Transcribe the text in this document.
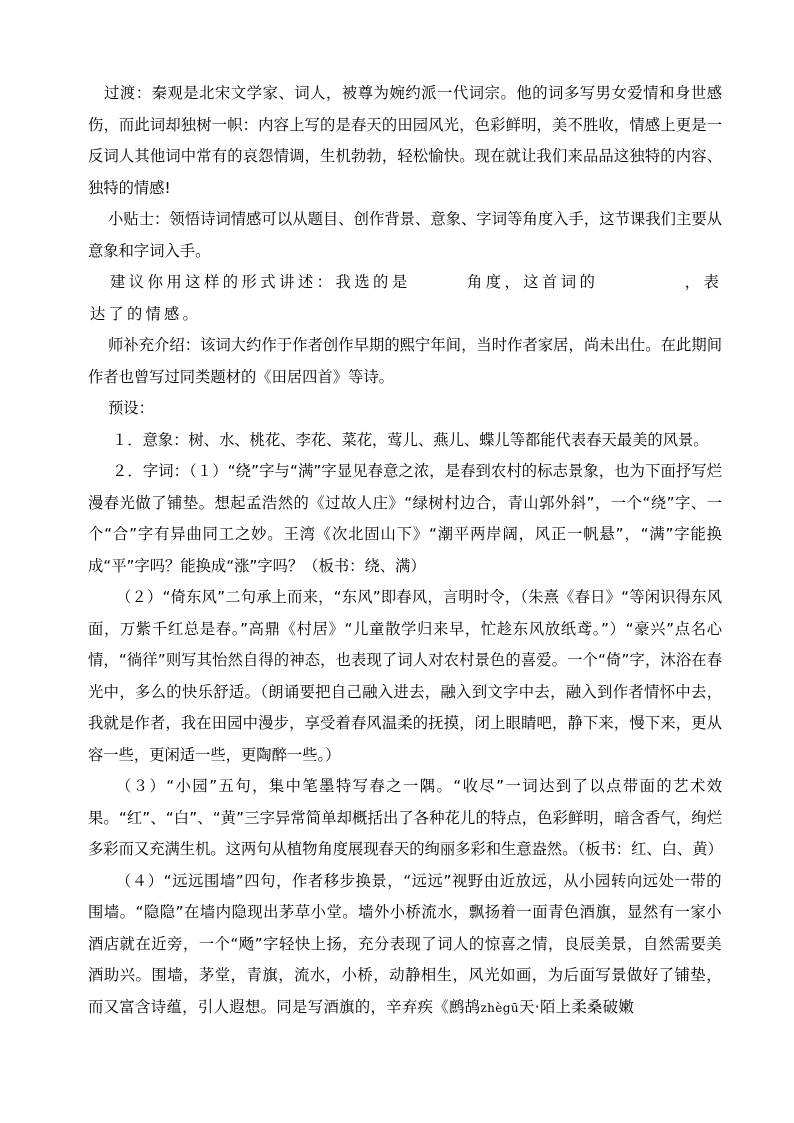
过渡：秦观是北宋文学家、词人，被尊为婉约派一代词宗。他的词多写男女爱情和身世感伤，而此词却独树一帜：内容上写的是春天的田园风光，色彩鲜明，美不胜收，情感上更是一反词人其他词中常有的哀怨情调，生机勃勃，轻松愉快。现在就让我们来品品这独特的内容、独特的情感!

小贴士：领悟诗词情感可以从题目、创作背景、意象、字词等角度入手，这节课我们主要从意象和字词入手。

建议你用这样的形式讲述：我选的是	角度，这首词的	，表达了的情感。

师补充介绍：该词大约作于作者创作早期的熙宁年间，当时作者家居，尚未出仕。在此期间作者也曾写过同类题材的《田居四首》等诗。

预设：

１．意象：树、水、桃花、李花、菜花，莺儿、燕儿、蝶儿等都能代表春天最美的风景。

２．字词：（１）“绕”字与“满”字显见春意之浓，是春到农村的标志景象，也为下面抒写烂漫春光做了铺垫。想起孟浩然的《过故人庄》“绿树村边合，青山郭外斜”，一个“绕”字、一个“合”字有异曲同工之妙。王湾《次北固山下》“潮平两岸阔，风正一帆悬”，“满”字能换成“平”字吗？能换成“涨”字吗？（板书：绕、满）

（２）“倚东风”二句承上而来，“东风”即春风，言明时令，（朱熹《春日》“等闲识得东风面，万紫千红总是春。”高鼎《村居》“儿童散学归来早，忙趁东风放纸鸢。”）“豪兴”点名心情，“徜徉”则写其怡然自得的神态，也表现了词人对农村景色的喜爱。一个“倚”字，沐浴在春光中，多么的快乐舒适。（朗诵要把自己融入进去，融入到文字中去，融入到作者情怀中去，我就是作者，我在田园中漫步，享受着春风温柔的抚摸，闭上眼睛吧，静下来，慢下来，更从容一些，更闲适一些，更陶醉一些。）

（３）“小园”五句，集中笔墨特写春之一隅。“收尽”一词达到了以点带面的艺术效果。“红”、“白”、“黄”三字异常简单却概括出了各种花儿的特点，色彩鲜明，暗含香气，绚烂多彩而又充满生机。这两句从植物角度展现春天的绚丽多彩和生意盎然。（板书：红、白、黄）

（４）“远远围墙”四句，作者移步换景，“远远”视野由近放远，从小园转向远处一带的围墙。“隐隐”在墙内隐现出茅草小堂。墙外小桥流水，飘扬着一面青色酒旗，显然有一家小酒店就在近旁，一个“飏”字轻快上扬，充分表现了词人的惊喜之情，良辰美景，自然需要美酒助兴。围墙，茅堂，青旗，流水，小桥，动静相生，风光如画，为后面写景做好了铺垫，而又富含诗蕴，引人遐想。同是写酒旗的，辛弃疾《鹧鸪zhègū天·陌上柔桑破嫩
